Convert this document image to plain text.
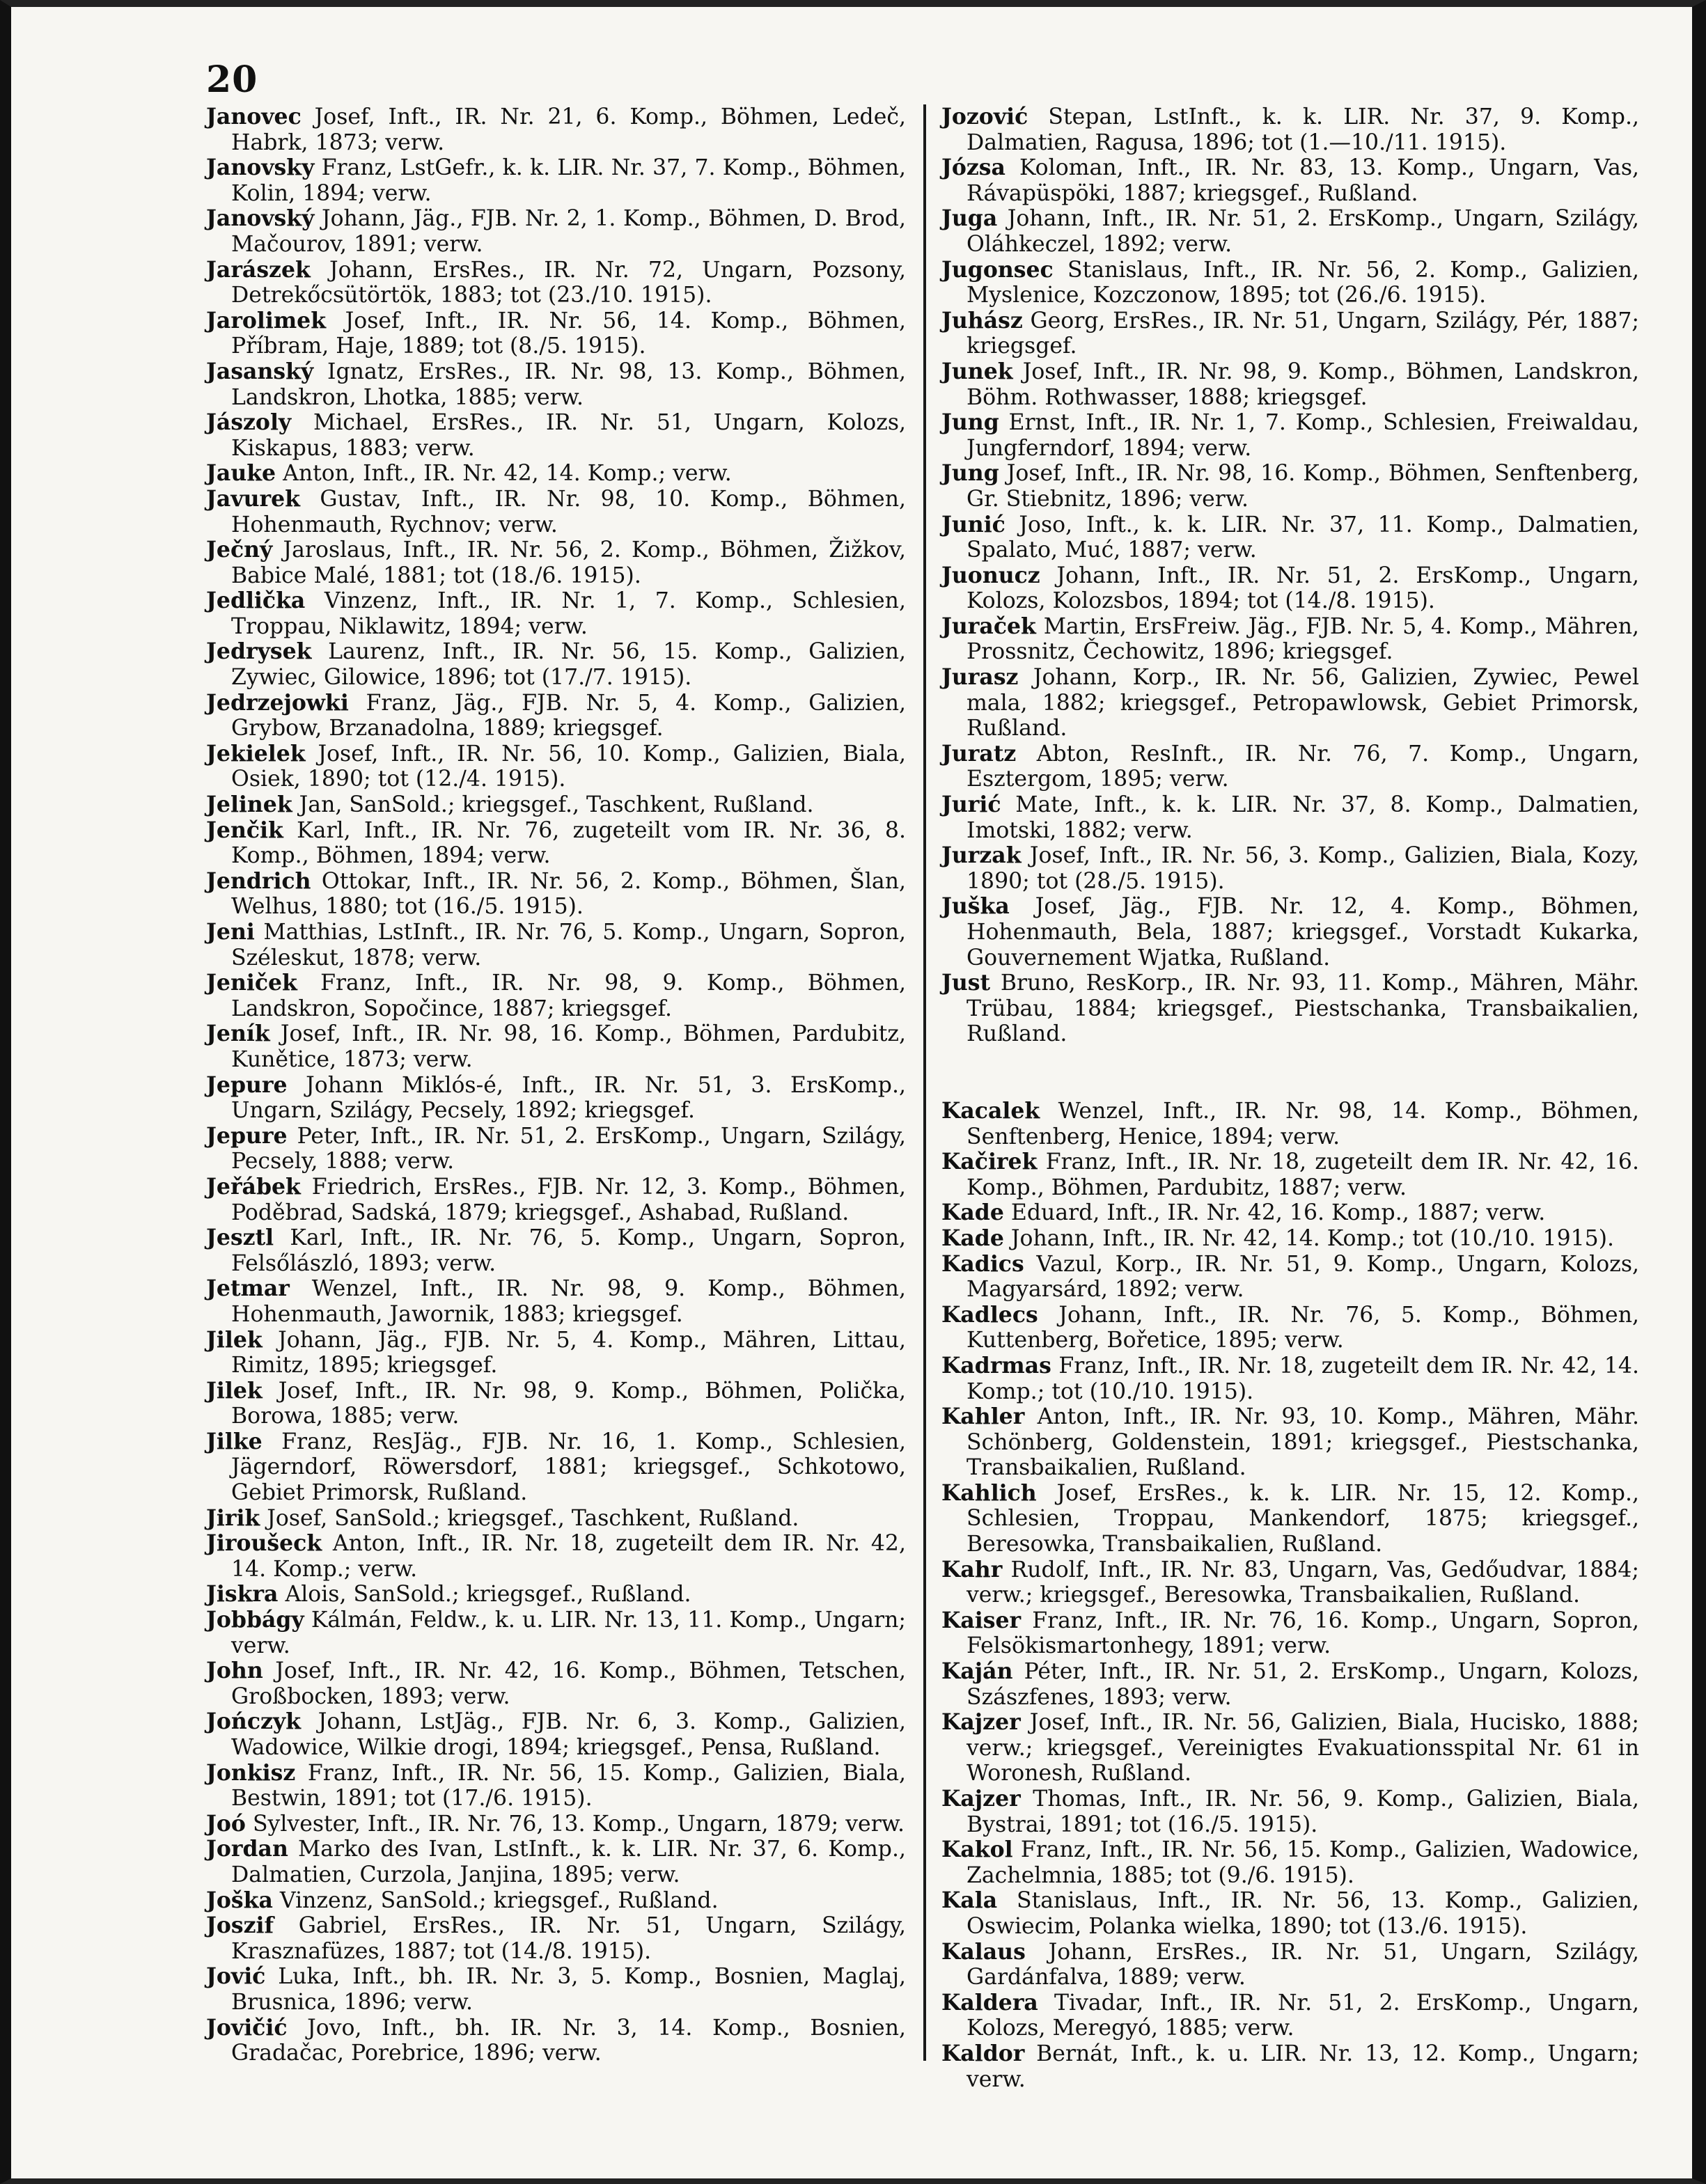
20
Janovec Josef, Inft., IR. Nr. 21, 6. Komp., Böhmen, Ledeč, Habrk, 1873; verw.
Janovsky Franz, LstGefr., k. k. LIR. Nr. 37, 7. Komp., Böhmen, Kolin, 1894; verw.
Janovský Johann, Jäg., FJB. Nr. 2, 1. Komp., Böhmen, D. Brod, Mačourov, 1891; verw.
Jarászek Johann, ErsRes., IR. Nr. 72, Ungarn, Pozsony, Detrekőcsütörtök, 1883; tot (23./10. 1915).
Jarolimek Josef, Inft., IR. Nr. 56, 14. Komp., Böhmen, Příbram, Haje, 1889; tot (8./5. 1915).
Jasanský Ignatz, ErsRes., IR. Nr. 98, 13. Komp., Böhmen, Landskron, Lhotka, 1885; verw.
Jászoly Michael, ErsRes., IR. Nr. 51, Ungarn, Kolozs, Kiskapus, 1883; verw.
Jauke Anton, Inft., IR. Nr. 42, 14. Komp.; verw.
Javurek Gustav, Inft., IR. Nr. 98, 10. Komp., Böhmen, Hohenmauth, Rychnov; verw.
Ječný Jaroslaus, Inft., IR. Nr. 56, 2. Komp., Böhmen, Žižkov, Babice Malé, 1881; tot (18./6. 1915).
Jedlička Vinzenz, Inft., IR. Nr. 1, 7. Komp., Schlesien, Troppau, Niklawitz, 1894; verw.
Jedrysek Laurenz, Inft., IR. Nr. 56, 15. Komp., Galizien, Zywiec, Gilowice, 1896; tot (17./7. 1915).
Jedrzejowki Franz, Jäg., FJB. Nr. 5, 4. Komp., Galizien, Grybow, Brzanadolna, 1889; kriegsgef.
Jekielek Josef, Inft., IR. Nr. 56, 10. Komp., Galizien, Biala, Osiek, 1890; tot (12./4. 1915).
Jelinek Jan, SanSold.; kriegsgef., Taschkent, Rußland.
Jenčik Karl, Inft., IR. Nr. 76, zugeteilt vom IR. Nr. 36, 8. Komp., Böhmen, 1894; verw.
Jendrich Ottokar, Inft., IR. Nr. 56, 2. Komp., Böhmen, Šlan, Welhus, 1880; tot (16./5. 1915).
Jeni Matthias, LstInft., IR. Nr. 76, 5. Komp., Ungarn, Sopron, Széleskut, 1878; verw.
Jeniček Franz, Inft., IR. Nr. 98, 9. Komp., Böhmen, Landskron, Sopočince, 1887; kriegsgef.
Jeník Josef, Inft., IR. Nr. 98, 16. Komp., Böhmen, Pardubitz, Kunětice, 1873; verw.
Jepure Johann Miklós-é, Inft., IR. Nr. 51, 3. ErsKomp., Ungarn, Szilágy, Pecsely, 1892; kriegsgef.
Jepure Peter, Inft., IR. Nr. 51, 2. ErsKomp., Ungarn, Szilágy, Pecsely, 1888; verw.
Jeřábek Friedrich, ErsRes., FJB. Nr. 12, 3. Komp., Böhmen, Poděbrad, Sadská, 1879; kriegsgef., Ashabad, Rußland.
Jesztl Karl, Inft., IR. Nr. 76, 5. Komp., Ungarn, Sopron, Felsőlászló, 1893; verw.
Jetmar Wenzel, Inft., IR. Nr. 98, 9. Komp., Böhmen, Hohenmauth, Jawornik, 1883; kriegsgef.
Jilek Johann, Jäg., FJB. Nr. 5, 4. Komp., Mähren, Littau, Rimitz, 1895; kriegsgef.
Jilek Josef, Inft., IR. Nr. 98, 9. Komp., Böhmen, Polička, Borowa, 1885; verw.
Jilke Franz, ResJäg., FJB. Nr. 16, 1. Komp., Schlesien, Jägerndorf, Röwersdorf, 1881; kriegsgef., Schkotowo, Gebiet Primorsk, Rußland.
Jirik Josef, SanSold.; kriegsgef., Taschkent, Rußland.
Jiroušeck Anton, Inft., IR. Nr. 18, zugeteilt dem IR. Nr. 42, 14. Komp.; verw.
Jiskra Alois, SanSold.; kriegsgef., Rußland.
Jobbágy Kálmán, Feldw., k. u. LIR. Nr. 13, 11. Komp., Ungarn; verw.
John Josef, Inft., IR. Nr. 42, 16. Komp., Böhmen, Tetschen, Großbocken, 1893; verw.
Jończyk Johann, LstJäg., FJB. Nr. 6, 3. Komp., Galizien, Wadowice, Wilkie drogi, 1894; kriegsgef., Pensa, Rußland.
Jonkisz Franz, Inft., IR. Nr. 56, 15. Komp., Galizien, Biala, Bestwin, 1891; tot (17./6. 1915).
Joó Sylvester, Inft., IR. Nr. 76, 13. Komp., Ungarn, 1879; verw.
Jordan Marko des Ivan, LstInft., k. k. LIR. Nr. 37, 6. Komp., Dalmatien, Curzola, Janjina, 1895; verw.
Joška Vinzenz, SanSold.; kriegsgef., Rußland.
Joszif Gabriel, ErsRes., IR. Nr. 51, Ungarn, Szilágy, Krasznafüzes, 1887; tot (14./8. 1915).
Jović Luka, Inft., bh. IR. Nr. 3, 5. Komp., Bosnien, Maglaj, Brusnica, 1896; verw.
Jovičić Jovo, Inft., bh. IR. Nr. 3, 14. Komp., Bosnien, Gradačac, Porebrice, 1896; verw.
Jozović Stepan, LstInft., k. k. LIR. Nr. 37, 9. Komp., Dalmatien, Ragusa, 1896; tot (1.—10./11. 1915).
Józsa Koloman, Inft., IR. Nr. 83, 13. Komp., Ungarn, Vas, Rávapüspöki, 1887; kriegsgef., Rußland.
Juga Johann, Inft., IR. Nr. 51, 2. ErsKomp., Ungarn, Szilágy, Oláhkeczel, 1892; verw.
Jugonsec Stanislaus, Inft., IR. Nr. 56, 2. Komp., Galizien, Myslenice, Kozczonow, 1895; tot (26./6. 1915).
Juhász Georg, ErsRes., IR. Nr. 51, Ungarn, Szilágy, Pér, 1887; kriegsgef.
Junek Josef, Inft., IR. Nr. 98, 9. Komp., Böhmen, Landskron, Böhm. Rothwasser, 1888; kriegsgef.
Jung Ernst, Inft., IR. Nr. 1, 7. Komp., Schlesien, Freiwaldau, Jungferndorf, 1894; verw.
Jung Josef, Inft., IR. Nr. 98, 16. Komp., Böhmen, Senftenberg, Gr. Stiebnitz, 1896; verw.
Junić Joso, Inft., k. k. LIR. Nr. 37, 11. Komp., Dalmatien, Spalato, Muć, 1887; verw.
Juonucz Johann, Inft., IR. Nr. 51, 2. ErsKomp., Ungarn, Kolozs, Kolozsbos, 1894; tot (14./8. 1915).
Juraček Martin, ErsFreiw. Jäg., FJB. Nr. 5, 4. Komp., Mähren, Prossnitz, Čechowitz, 1896; kriegsgef.
Jurasz Johann, Korp., IR. Nr. 56, Galizien, Zywiec, Pewel mala, 1882; kriegsgef., Petropawlowsk, Gebiet Primorsk, Rußland.
Juratz Abton, ResInft., IR. Nr. 76, 7. Komp., Ungarn, Esztergom, 1895; verw.
Jurić Mate, Inft., k. k. LIR. Nr. 37, 8. Komp., Dalmatien, Imotski, 1882; verw.
Jurzak Josef, Inft., IR. Nr. 56, 3. Komp., Galizien, Biala, Kozy, 1890; tot (28./5. 1915).
Juška Josef, Jäg., FJB. Nr. 12, 4. Komp., Böhmen, Hohenmauth, Bela, 1887; kriegsgef., Vorstadt Kukarka, Gouvernement Wjatka, Rußland.
Just Bruno, ResKorp., IR. Nr. 93, 11. Komp., Mähren, Mähr. Trübau, 1884; kriegsgef., Piestschanka, Transbaikalien, Rußland.
Kacalek Wenzel, Inft., IR. Nr. 98, 14. Komp., Böhmen, Senftenberg, Henice, 1894; verw.
Kačirek Franz, Inft., IR. Nr. 18, zugeteilt dem IR. Nr. 42, 16. Komp., Böhmen, Pardubitz, 1887; verw.
Kade Eduard, Inft., IR. Nr. 42, 16. Komp., 1887; verw.
Kade Johann, Inft., IR. Nr. 42, 14. Komp.; tot (10./10. 1915).
Kadics Vazul, Korp., IR. Nr. 51, 9. Komp., Ungarn, Kolozs, Magyarsárd, 1892; verw.
Kadlecs Johann, Inft., IR. Nr. 76, 5. Komp., Böhmen, Kuttenberg, Bořetice, 1895; verw.
Kadrmas Franz, Inft., IR. Nr. 18, zugeteilt dem IR. Nr. 42, 14. Komp.; tot (10./10. 1915).
Kahler Anton, Inft., IR. Nr. 93, 10. Komp., Mähren, Mähr. Schönberg, Goldenstein, 1891; kriegsgef., Piestschanka, Transbaikalien, Rußland.
Kahlich Josef, ErsRes., k. k. LIR. Nr. 15, 12. Komp., Schlesien, Troppau, Mankendorf, 1875; kriegsgef., Beresowka, Transbaikalien, Rußland.
Kahr Rudolf, Inft., IR. Nr. 83, Ungarn, Vas, Gedőudvar, 1884; verw.; kriegsgef., Beresowka, Transbaikalien, Rußland.
Kaiser Franz, Inft., IR. Nr. 76, 16. Komp., Ungarn, Sopron, Felsökismartonhegy, 1891; verw.
Kaján Péter, Inft., IR. Nr. 51, 2. ErsKomp., Ungarn, Kolozs, Szászfenes, 1893; verw.
Kajzer Josef, Inft., IR. Nr. 56, Galizien, Biala, Hucisko, 1888; verw.; kriegsgef., Vereinigtes Evakuationsspital Nr. 61 in Woronesh, Rußland.
Kajzer Thomas, Inft., IR. Nr. 56, 9. Komp., Galizien, Biala, Bystrai, 1891; tot (16./5. 1915).
Kakol Franz, Inft., IR. Nr. 56, 15. Komp., Galizien, Wadowice, Zachelmnia, 1885; tot (9./6. 1915).
Kala Stanislaus, Inft., IR. Nr. 56, 13. Komp., Galizien, Oswiecim, Polanka wielka, 1890; tot (13./6. 1915).
Kalaus Johann, ErsRes., IR. Nr. 51, Ungarn, Szilágy, Gardánfalva, 1889; verw.
Kaldera Tivadar, Inft., IR. Nr. 51, 2. ErsKomp., Ungarn, Kolozs, Meregyó, 1885; verw.
Kaldor Bernát, Inft., k. u. LIR. Nr. 13, 12. Komp., Ungarn; verw.
